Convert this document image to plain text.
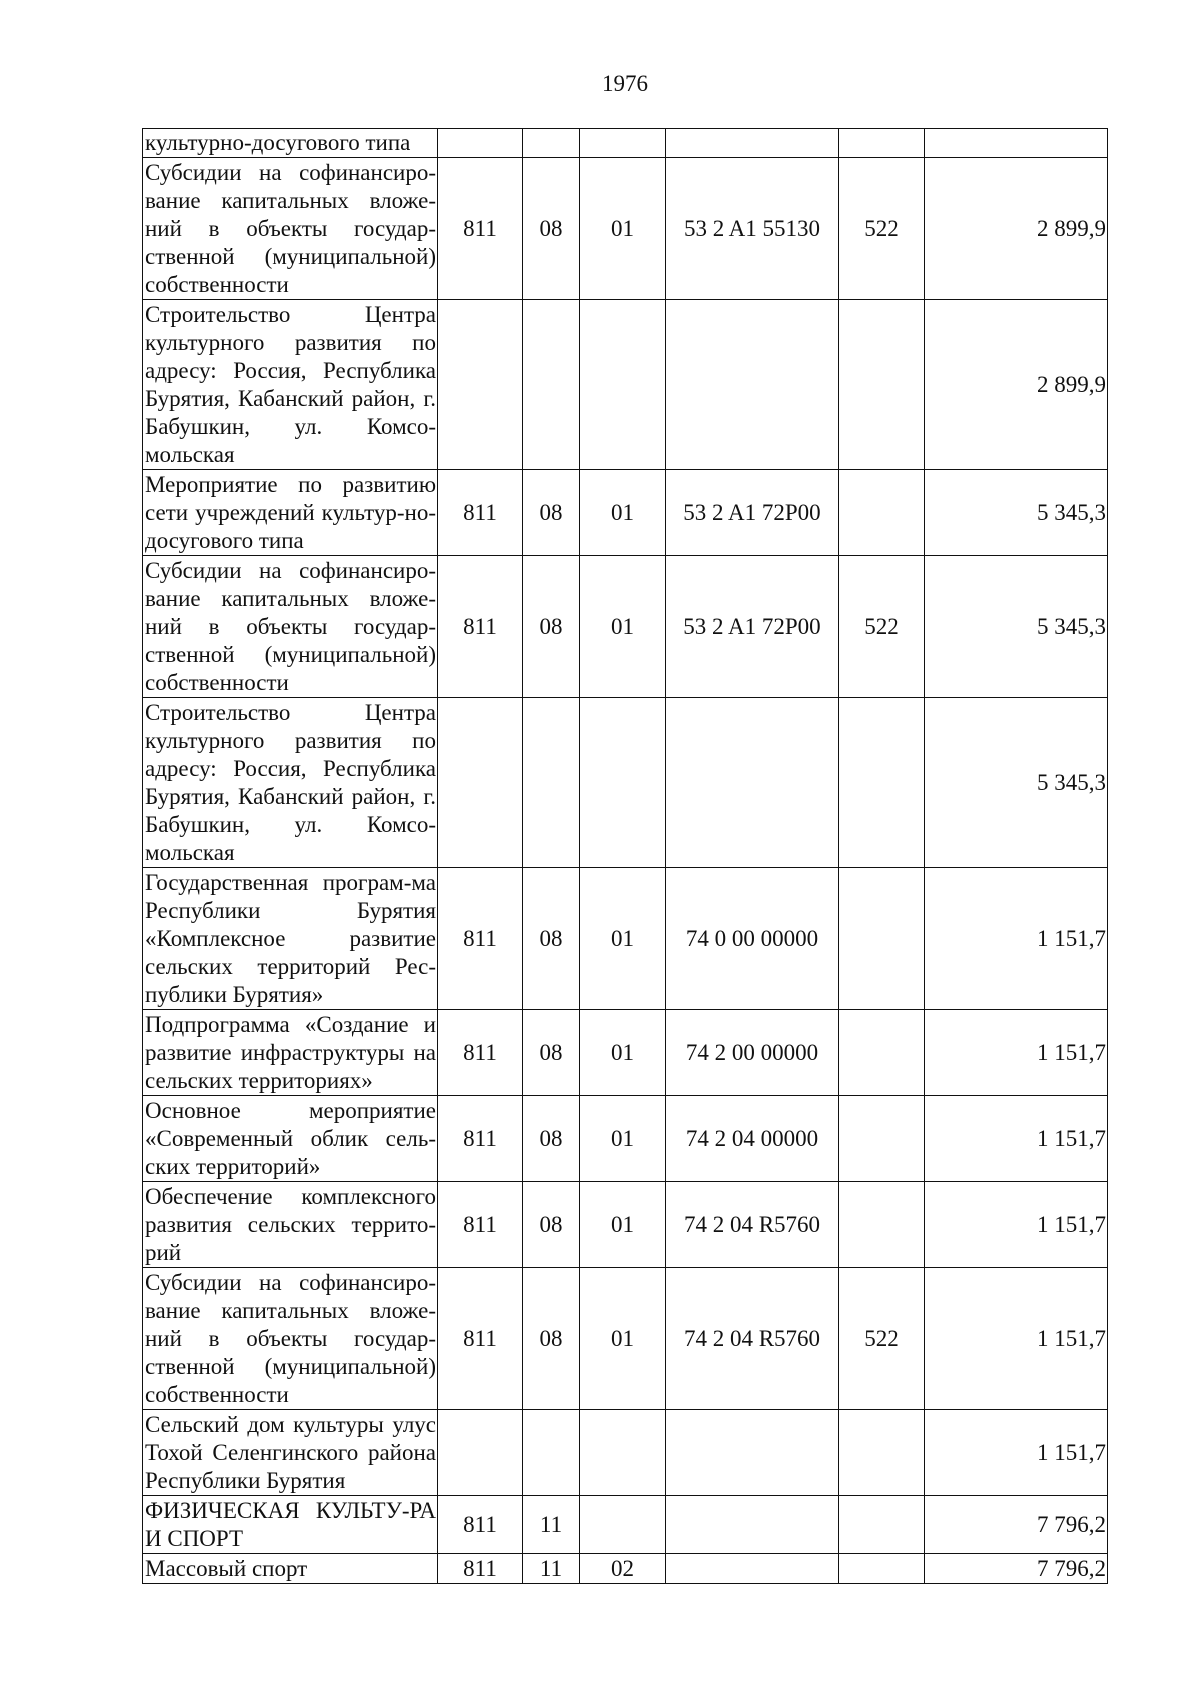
1976
культурно-досугового типа						
Субсидии на софинансиро-вание капитальных вложе-ний в объекты государ-ственной (муниципальной) собственности	811	08	01	53 2 A1 55130	522	2 899,9
Строительство Центра культурного развития по адресу: Россия, Республика Бурятия, Кабанский район, г. Бабушкин, ул. Комсо-мольская						2 899,9
Мероприятие по развитию сети учреждений культур-но-досугового типа	811	08	01	53 2 A1 72P00		5 345,3
Субсидии на софинансиро-вание капитальных вложе-ний в объекты государ-ственной (муниципальной) собственности	811	08	01	53 2 A1 72P00	522	5 345,3
Строительство Центра культурного развития по адресу: Россия, Республика Бурятия, Кабанский район, г. Бабушкин, ул. Комсо-мольская						5 345,3
Государственная програм-ма Республики Бурятия «Комплексное развитие сельских территорий Рес-публики Бурятия»	811	08	01	74 0 00 00000		1 151,7
Подпрограмма «Создание и развитие инфраструктуры на сельских территориях»	811	08	01	74 2 00 00000		1 151,7
Основное мероприятие «Современный облик сель-ских территорий»	811	08	01	74 2 04 00000		1 151,7
Обеспечение комплексного развития сельских террито-рий	811	08	01	74 2 04 R5760		1 151,7
Субсидии на софинансиро-вание капитальных вложе-ний в объекты государ-ственной (муниципальной) собственности	811	08	01	74 2 04 R5760	522	1 151,7
Сельский дом культуры улус Тохой Селенгинского района Республики Бурятия						1 151,7
ФИЗИЧЕСКАЯ КУЛЬТУ-РА И СПОРТ	811	11				7 796,2
Массовый спорт	811	11	02			7 796,2
